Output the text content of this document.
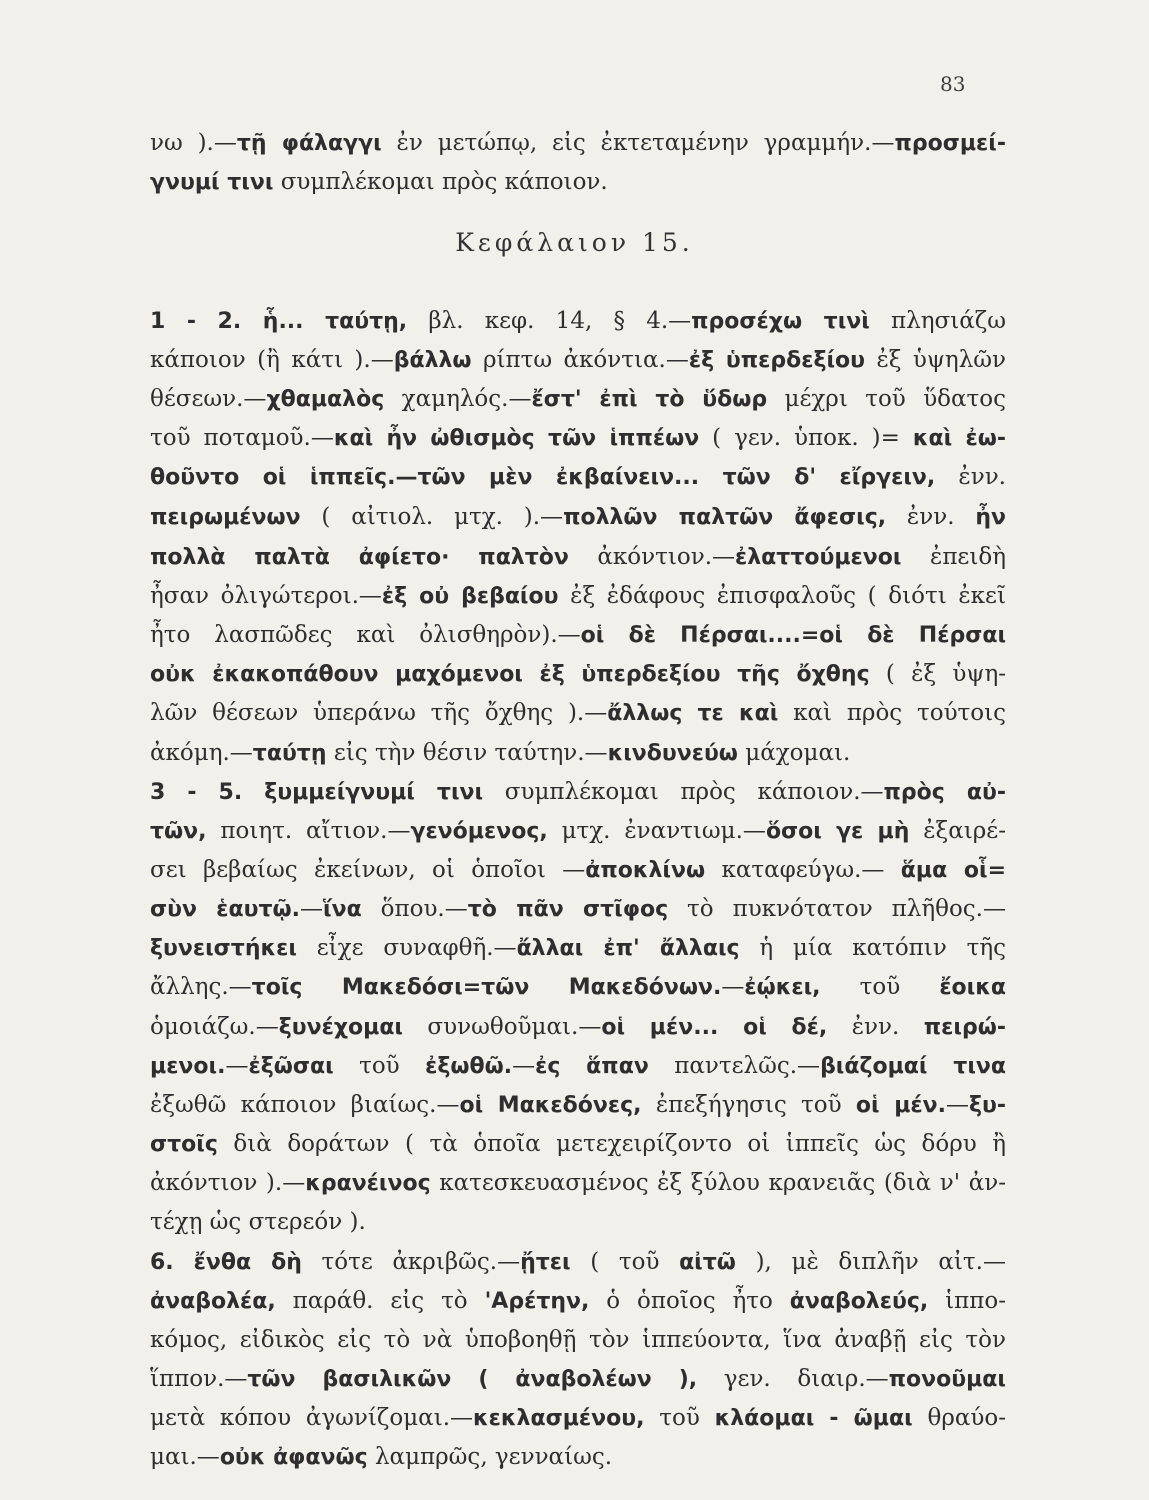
83
Κεφάλαιον 15.
νω ).—τῇ φάλαγγι ἐν μετώπῳ, εἰς ἐκτεταμένην γραμμήν.—προσμεί-
γνυμί τινι συμπλέκομαι πρὸς κάποιον.
1 - 2. ἧ... ταύτῃ, βλ. κεφ. 14, § 4.—προσέχω τινὶ πλησιάζω
κάποιον (ἢ κάτι ).—βάλλω ρίπτω ἀκόντια.—ἐξ ὑπερδεξίου ἐξ ὑψηλῶν
θέσεων.—χθαμαλὸς χαμηλός.—ἔστ' ἐπὶ τὸ ὕδωρ μέχρι τοῦ ὕδατος
τοῦ ποταμοῦ.—καὶ ἦν ὠθισμὸς τῶν ἱππέων ( γεν. ὑποκ. )= καὶ ἐω-
θοῦντο οἱ ἱππεῖς.—τῶν μὲν ἐκβαίνειν... τῶν δ' εἴργειν, ἐνν.
πειρωμένων ( αἰτιολ. μτχ. ).—πολλῶν παλτῶν ἄφεσις, ἐνν. ἦν
πολλὰ παλτὰ ἀφίετο· παλτὸν ἀκόντιον.—ἐλαττούμενοι ἐπειδὴ
ἦσαν ὀλιγώτεροι.—ἐξ οὐ βεβαίου ἐξ ἐδάφους ἐπισφαλοῦς ( διότι ἐκεῖ
ἦτο λασπῶδες καὶ ὀλισθηρὸν).—οἱ δὲ Πέρσαι....=οἱ δὲ Πέρσαι
οὐκ ἐκακοπάθουν μαχόμενοι ἐξ ὑπερδεξίου τῆς ὄχθης ( ἐξ ὑψη-
λῶν θέσεων ὑπεράνω τῆς ὄχθης ).—ἄλλως τε καὶ καὶ πρὸς τούτοις
ἀκόμη.—ταύτῃ εἰς τὴν θέσιν ταύτην.—κινδυνεύω μάχομαι.
3 - 5. ξυμμείγνυμί τινι συμπλέκομαι πρὸς κάποιον.—πρὸς αὐ-
τῶν, ποιητ. αἴτιον.—γενόμενος, μτχ. ἐναντιωμ.—ὅσοι γε μὴ ἐξαιρέ-
σει βεβαίως ἐκείνων, οἱ ὁποῖοι —ἀποκλίνω καταφεύγω.— ἅμα οἷ=
σὺν ἑαυτῷ.—ἵνα ὅπου.—τὸ πᾶν στῖφος τὸ πυκνότατον πλῆθος.—
ξυνειστήκει εἶχε συναφθῆ.—ἄλλαι ἐπ' ἄλλαις ἡ μία κατόπιν τῆς
ἄλλης.—τοῖς Μακεδόσι=τῶν Μακεδόνων.—ἐῴκει, τοῦ ἔοικα
ὁμοιάζω.—ξυνέχομαι συνωθοῦμαι.—οἱ μέν... οἱ δέ, ἐνν. πειρώ-
μενοι.—ἐξῶσαι τοῦ ἐξωθῶ.—ἐς ἅπαν παντελῶς.—βιάζομαί τινα
ἐξωθῶ κάποιον βιαίως.—οἱ Μακεδόνες, ἐπεξήγησις τοῦ οἱ μέν.—ξυ-
στοῖς διὰ δοράτων ( τὰ ὁποῖα μετεχειρίζοντο οἱ ἱππεῖς ὡς δόρυ ἢ
ἀκόντιον ).—κρανέινος κατεσκευασμένος ἐξ ξύλου κρανειᾶς (διὰ ν' ἀν-
τέχῃ ὡς στερεόν ).
6. ἔνθα δὴ τότε ἀκριβῶς.—ᾔτει ( τοῦ αἰτῶ ), μὲ διπλῆν αἰτ.—
ἀναβολέα, παράθ. εἰς τὸ 'Αρέτην, ὁ ὁποῖος ἦτο ἀναβολεύς, ἱππο-
κόμος, εἰδικὸς εἰς τὸ νὰ ὑποβοηθῇ τὸν ἱππεύοντα, ἵνα ἀναβῇ εἰς τὸν
ἵππον.—τῶν βασιλικῶν ( ἀναβολέων ), γεν. διαιρ.—πονοῦμαι
μετὰ κόπου ἀγωνίζομαι.—κεκλασμένου, τοῦ κλάομαι - ῶμαι θραύο-
μαι.—οὐκ ἀφανῶς λαμπρῶς, γενναίως.
